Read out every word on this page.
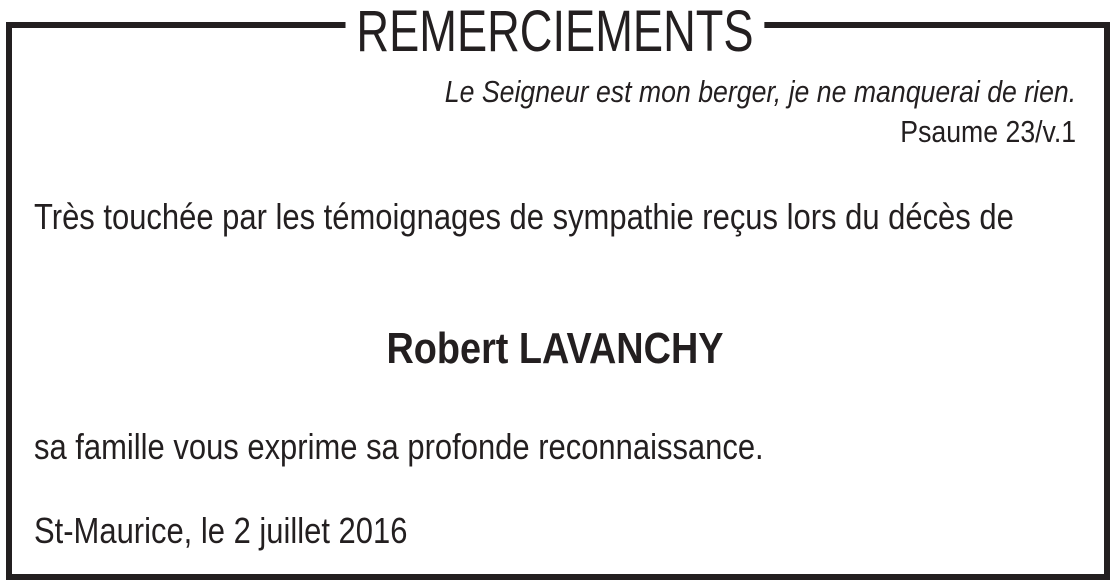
REMERCIEMENTS
Le Seigneur est mon berger, je ne manquerai de rien.
Psaume 23/v.1
Très touchée par les témoignages de sympathie reçus lors du décès de
Robert LAVANCHY
sa famille vous exprime sa profonde reconnaissance.
St-Maurice, le 2 juillet 2016
